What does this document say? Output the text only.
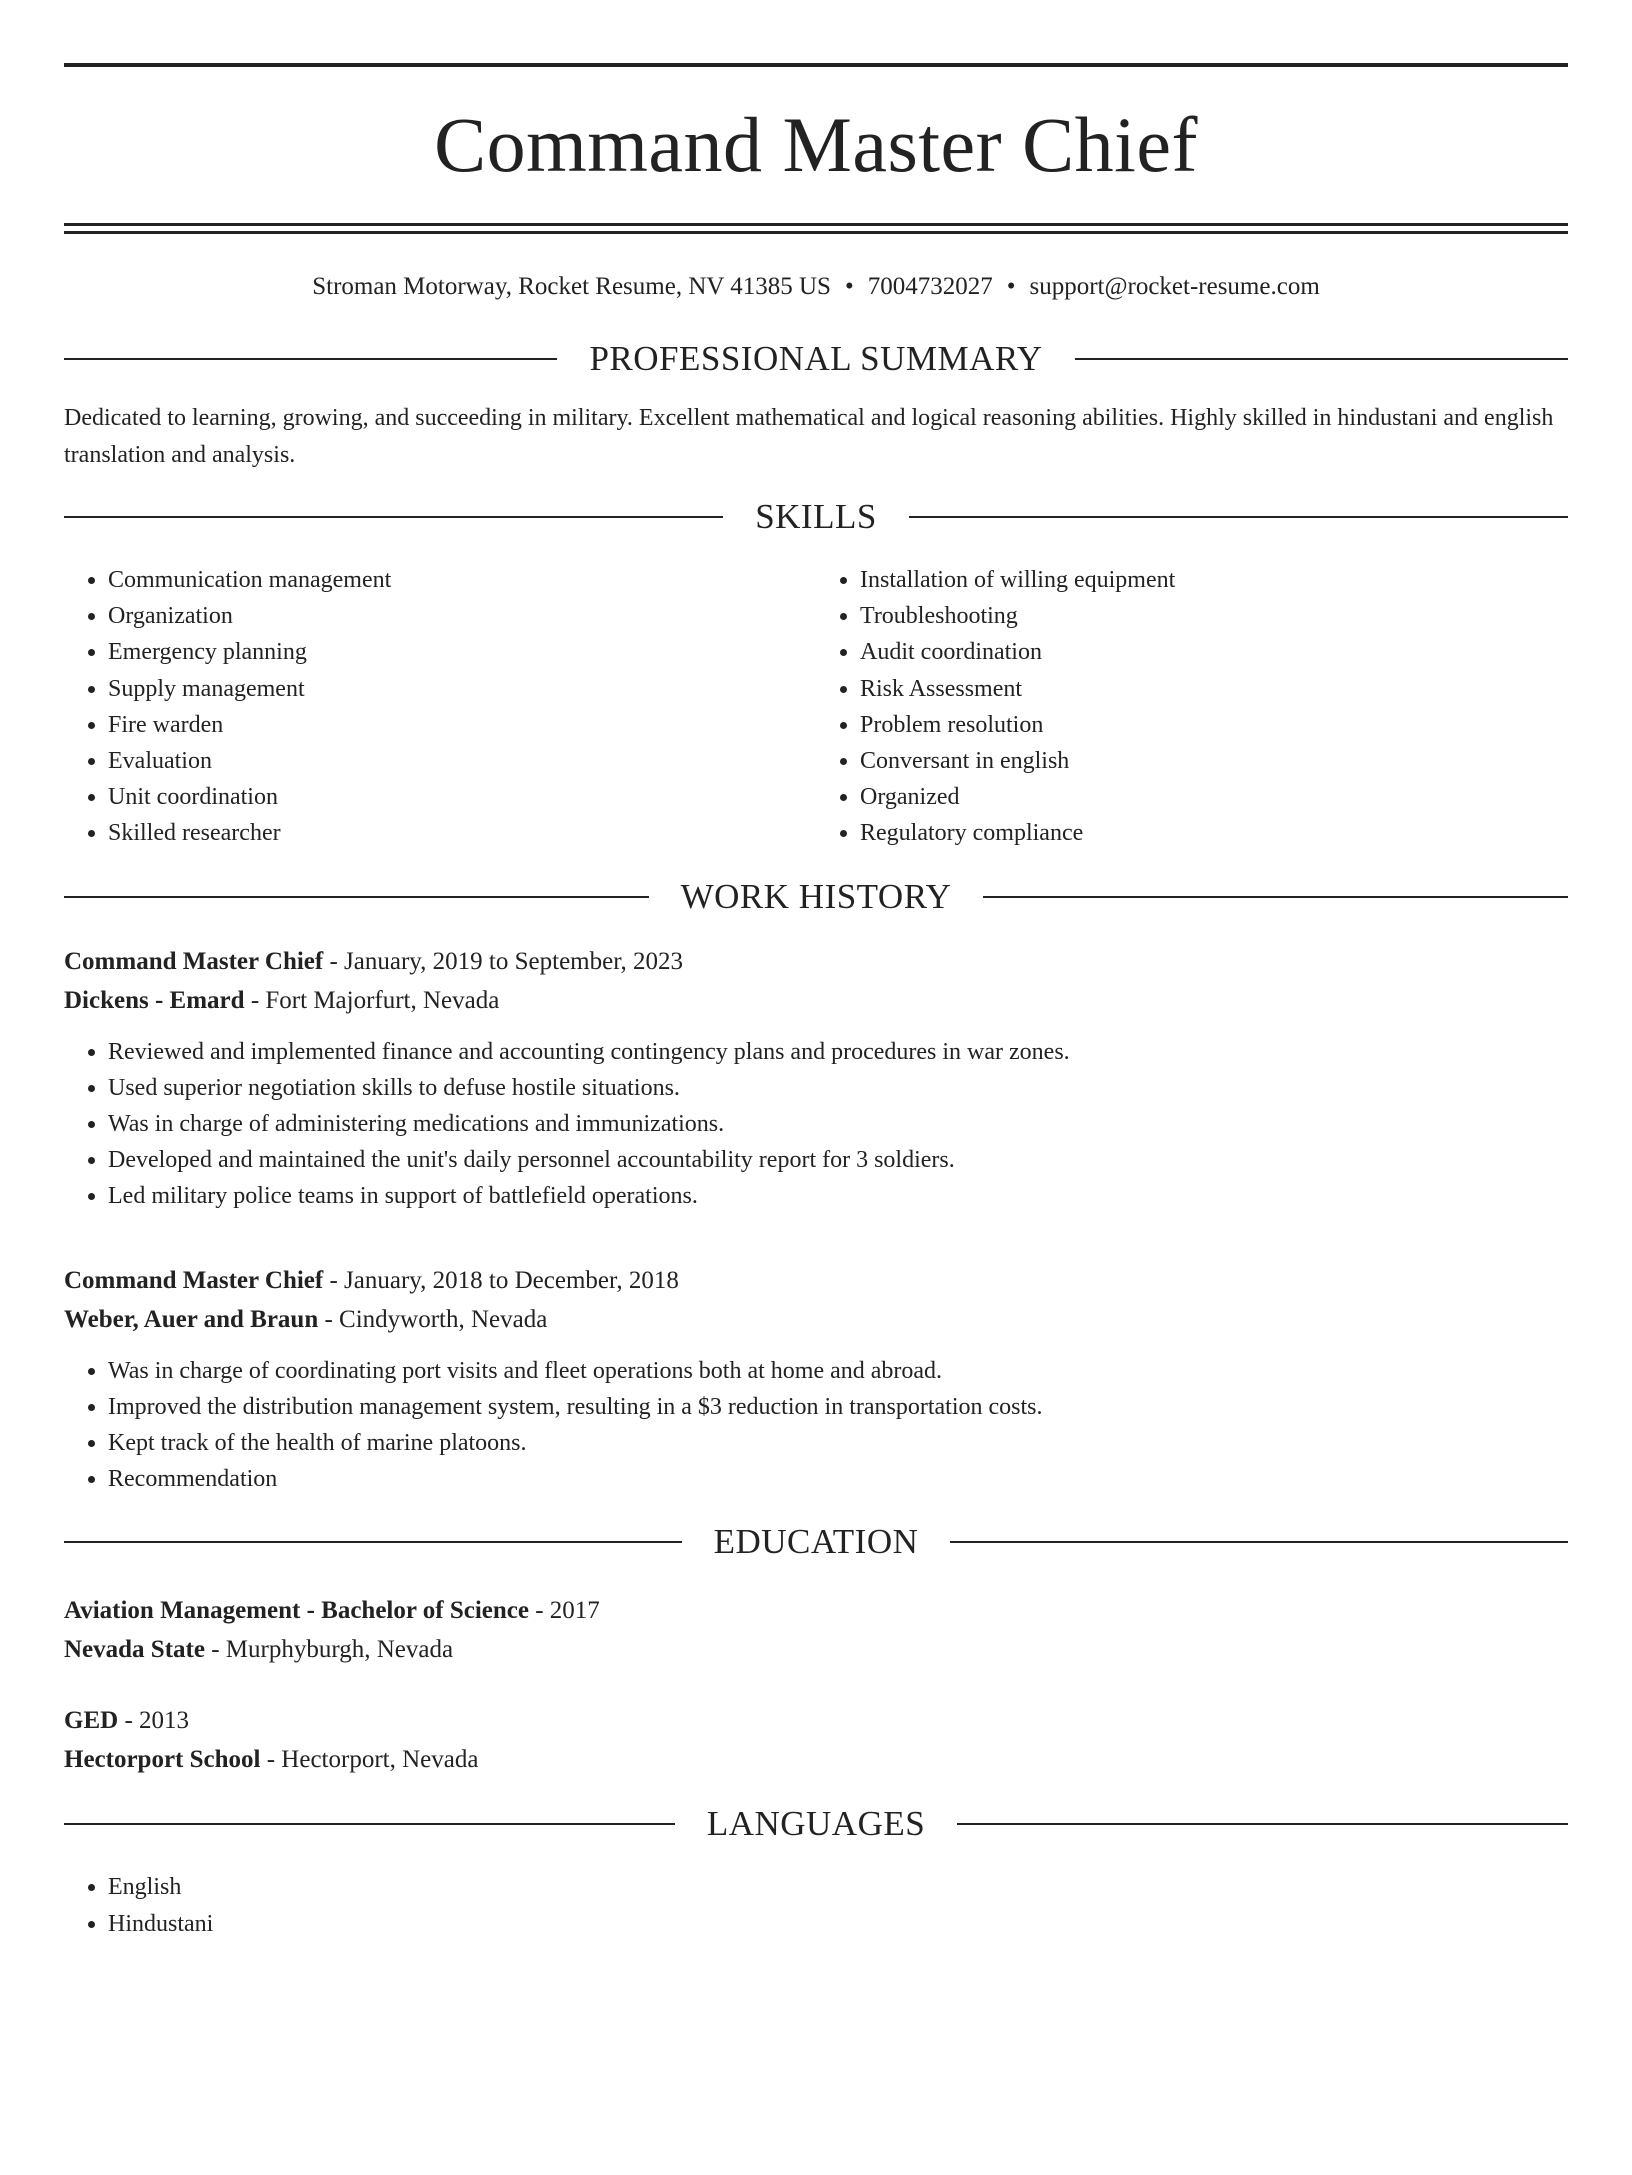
Command Master Chief
Stroman Motorway, Rocket Resume, NV 41385 US • 7004732027 • support@rocket-resume.com
PROFESSIONAL SUMMARY
Dedicated to learning, growing, and succeeding in military. Excellent mathematical and logical reasoning abilities. Highly skilled in hindustani and english translation and analysis.
SKILLS
• Communication management
• Organization
• Emergency planning
• Supply management
• Fire warden
• Evaluation
• Unit coordination
• Skilled researcher
• Installation of willing equipment
• Troubleshooting
• Audit coordination
• Risk Assessment
• Problem resolution
• Conversant in english
• Organized
• Regulatory compliance
WORK HISTORY
Command Master Chief - January, 2019 to September, 2023
Dickens - Emard - Fort Majorfurt, Nevada
• Reviewed and implemented finance and accounting contingency plans and procedures in war zones.
• Used superior negotiation skills to defuse hostile situations.
• Was in charge of administering medications and immunizations.
• Developed and maintained the unit's daily personnel accountability report for 3 soldiers.
• Led military police teams in support of battlefield operations.
Command Master Chief - January, 2018 to December, 2018
Weber, Auer and Braun - Cindyworth, Nevada
• Was in charge of coordinating port visits and fleet operations both at home and abroad.
• Improved the distribution management system, resulting in a $3 reduction in transportation costs.
• Kept track of the health of marine platoons.
• Recommendation
EDUCATION
Aviation Management - Bachelor of Science - 2017
Nevada State - Murphyburgh, Nevada
GED - 2013
Hectorport School - Hectorport, Nevada
LANGUAGES
• English
• Hindustani
